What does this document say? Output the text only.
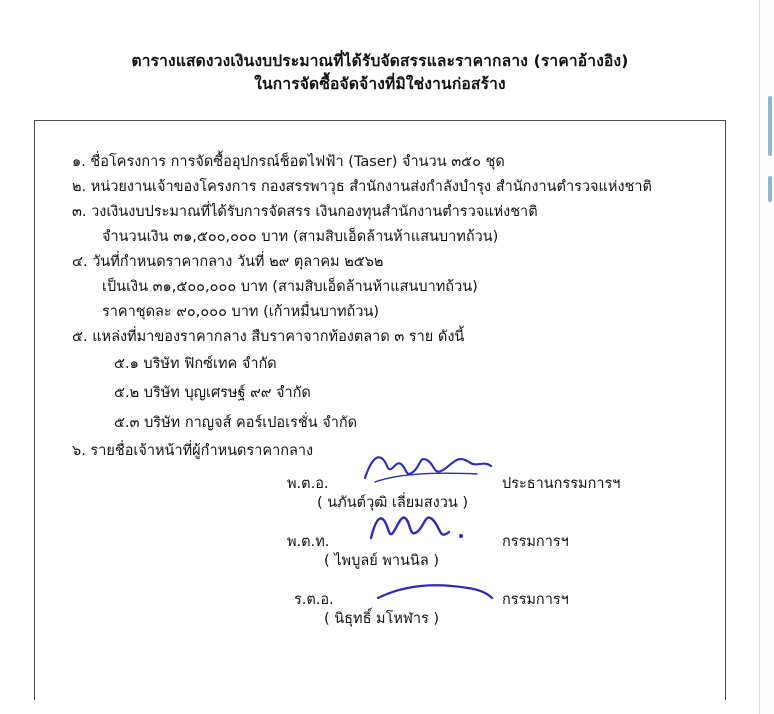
ตารางแสดงวงเงินงบประมาณที่ได้รับจัดสรรและราคากลาง (ราคาอ้างอิง)
ในการจัดซื้อจัดจ้างที่มิใช่งานก่อสร้าง
๑. ชื่อโครงการ การจัดซื้ออุปกรณ์ช็อตไฟฟ้า (Taser) จำนวน ๓๕๐ ชุด
๒. หน่วยงานเจ้าของโครงการ กองสรรพาวุธ สำนักงานส่งกำลังบำรุง สำนักงานตำรวจแห่งชาติ
๓. วงเงินงบประมาณที่ได้รับการจัดสรร เงินกองทุนสำนักงานตำรวจแห่งชาติ
จำนวนเงิน ๓๑,๕๐๐,๐๐๐ บาท (สามสิบเอ็ดล้านห้าแสนบาทถ้วน)
๔. วันที่กำหนดราคากลาง วันที่ ๒๙ ตุลาคม ๒๕๖๒
เป็นเงิน ๓๑,๕๐๐,๐๐๐ บาท (สามสิบเอ็ดล้านห้าแสนบาทถ้วน)
ราคาชุดละ ๙๐,๐๐๐ บาท (เก้าหมื่นบาทถ้วน)
๕. แหล่งที่มาของราคากลาง สืบราคาจากท้องตลาด ๓ ราย ดังนี้
๕.๑ บริษัท ฟิกซ์เทค จำกัด
๕.๒ บริษัท บุญเศรษฐ์ ๙๙ จำกัด
๕.๓ บริษัท กาญจส์ คอร์เปอเรชั่น จำกัด
๖. รายชื่อเจ้าหน้าที่ผู้กำหนดราคากลาง
พ.ต.อ.
( นภันต์วุฒิ เลี่ยมสงวน )
ประธานกรรมการฯ
พ.ต.ท.
( ไพบูลย์ พานนิล )
กรรมการฯ
ร.ต.อ.
( นิธุทธิ์ มโหฬาร )
กรรมการฯ
